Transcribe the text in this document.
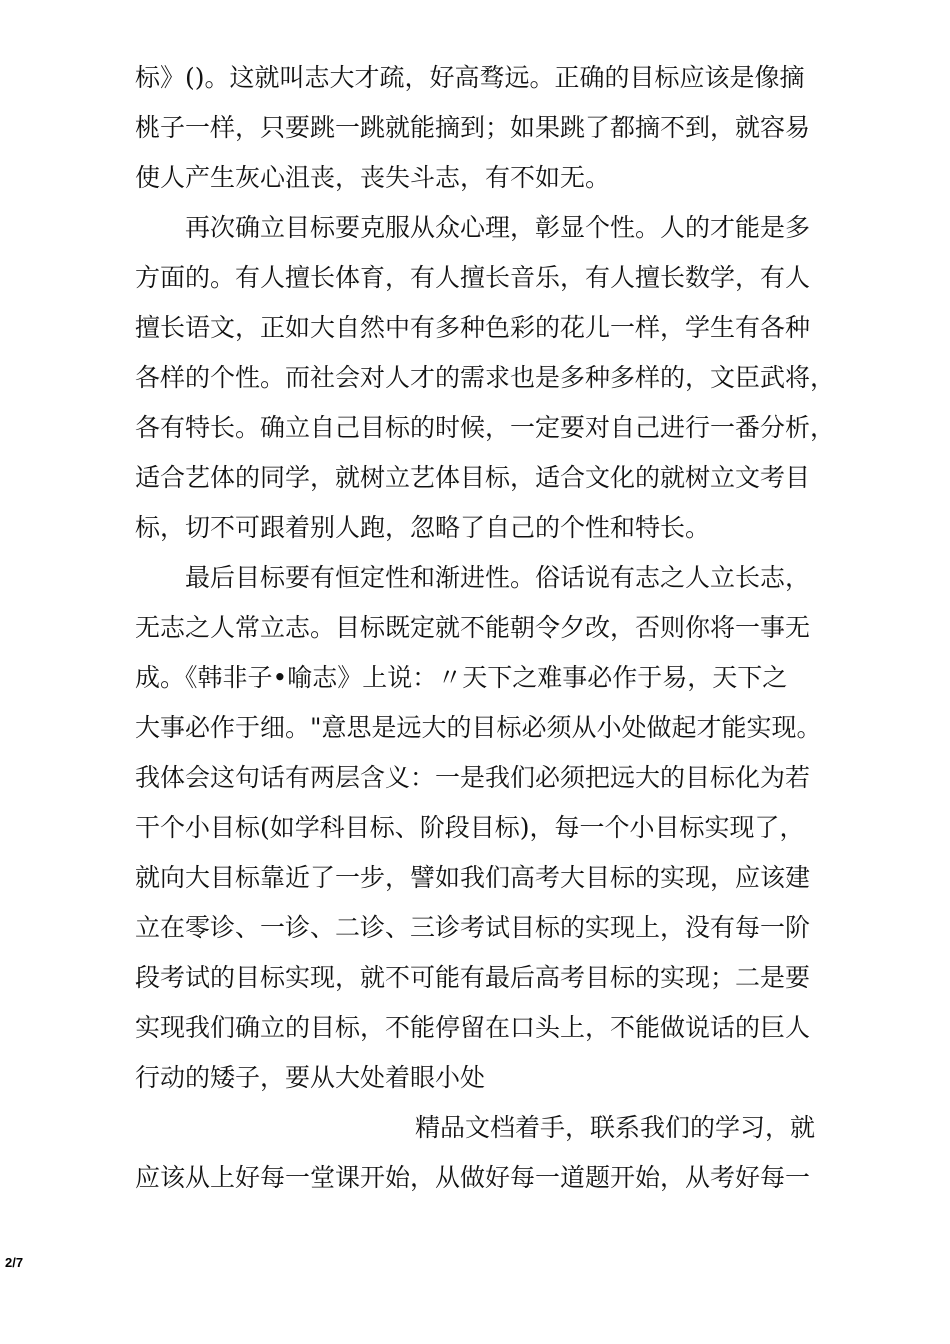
标》()。这就叫志大才疏，好高骛远。正确的目标应该是像摘
桃子一样，只要跳一跳就能摘到；如果跳了都摘不到，就容易
使人产生灰心沮丧，丧失斗志，有不如无。
再次确立目标要克服从众心理，彰显个性。人的才能是多
方面的。有人擅长体育，有人擅长音乐，有人擅长数学，有人
擅长语文，正如大自然中有多种色彩的花儿一样，学生有各种
各样的个性。而社会对人才的需求也是多种多样的，文臣武将，
各有特长。确立自己目标的时候，一定要对自己进行一番分析，
适合艺体的同学，就树立艺体目标，适合文化的就树立文考目
标，切不可跟着别人跑，忽略了自己的个性和特长。
最后目标要有恒定性和渐进性。俗话说有志之人立长志，
无志之人常立志。目标既定就不能朝令夕改，否则你将一事无
成。《韩非子•喻志》上说：〃天下之难事必作于易，天下之
大事必作于细。"意思是远大的目标必须从小处做起才能实现。
我体会这句话有两层含义：一是我们必须把远大的目标化为若
干个小目标(如学科目标、阶段目标)，每一个小目标实现了，
就向大目标靠近了一步，譬如我们高考大目标的实现，应该建
立在零诊、一诊、二诊、三诊考试目标的实现上，没有每一阶
段考试的目标实现，就不可能有最后高考目标的实现；二是要
实现我们确立的目标，不能停留在口头上，不能做说话的巨人
行动的矮子，要从大处着眼小处
精品文档着手，联系我们的学习，就
应该从上好每一堂课开始，从做好每一道题开始，从考好每一
2/7
